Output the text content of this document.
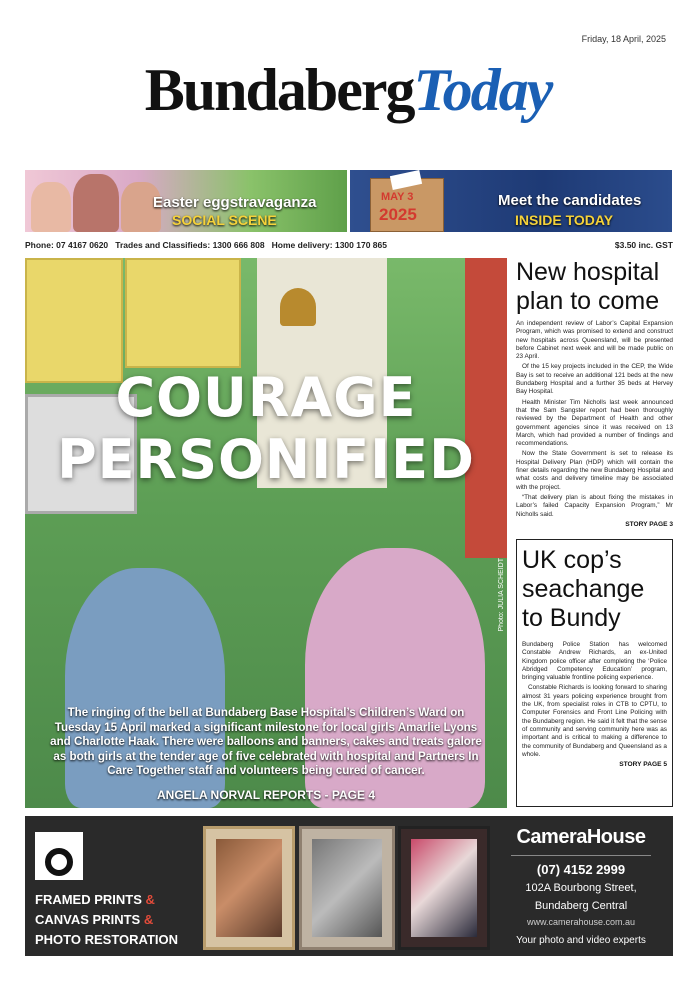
Friday, 18 April, 2025
BundabergToday
Easter eggstravaganza
SOCIAL SCENE
MAY 3
2025
Meet the candidates
INSIDE TODAY
Phone: 07 4167 0620 Trades and Classifieds: 1300 666 808 Home delivery: 1300 170 865	$3.50 inc. GST
COURAGE
PERSONIFIED
The ringing of the bell at Bundaberg Base Hospital’s Children’s Ward on Tuesday 15 April marked a significant milestone for local girls Amarlie Lyons and Charlotte Haak. There were balloons and banners, cakes and treats galore as both girls at the tender age of five celebrated with hospital and Partners In Care Together staff and volunteers being cured of cancer.
ANGELA NORVAL REPORTS - PAGE 4
Photo: JULIA SCHEIDT
New hospital plan to come

An independent review of Labor’s Capital Expansion Program, which was promised to extend and construct new hospitals across Queensland, will be presented before Cabinet next week and will be made public on 23 April.

Of the 15 key projects included in the CEP, the Wide Bay is set to receive an additional 121 beds at the new Bundaberg Hospital and a further 35 beds at Hervey Bay Hospital.

Health Minister Tim Nicholls last week announced that the Sam Sangster report had been thoroughly reviewed by the Department of Health and other government agencies since it was received on 13 March, which had provided a number of findings and recommendations.

Now the State Government is set to release its Hospital Delivery Plan (HDP) which will contain the finer details regarding the new Bundaberg Hospital and what costs and delivery timeline may be associated with the project.

“That delivery plan is about fixing the mistakes in Labor’s failed Capacity Expansion Program,” Mr Nicholls said.

STORY PAGE 3
UK cop’s seachange to Bundy

Bundaberg Police Station has welcomed Constable Andrew Richards, an ex-United Kingdom police officer after completing the ‘Police Abridged Competency Education’ program, bringing valuable frontline policing experience.

Constable Richards is looking forward to sharing almost 31 years policing experience brought from the UK, from specialist roles in CTB to CPTU, to Computer Forensics and Front Line Policing with the Bundaberg region. He said it felt that the sense of community and serving community here was as important and is critical to making a difference to the community of Bundaberg and Queensland as a whole.

STORY PAGE 5
FRAMED PRINTS &
CANVAS PRINTS &
PHOTO RESTORATION
CameraHouse
(07) 4152 2999
102A Bourbong Street,
Bundaberg Central
www.camerahouse.com.au
Your photo and video experts
